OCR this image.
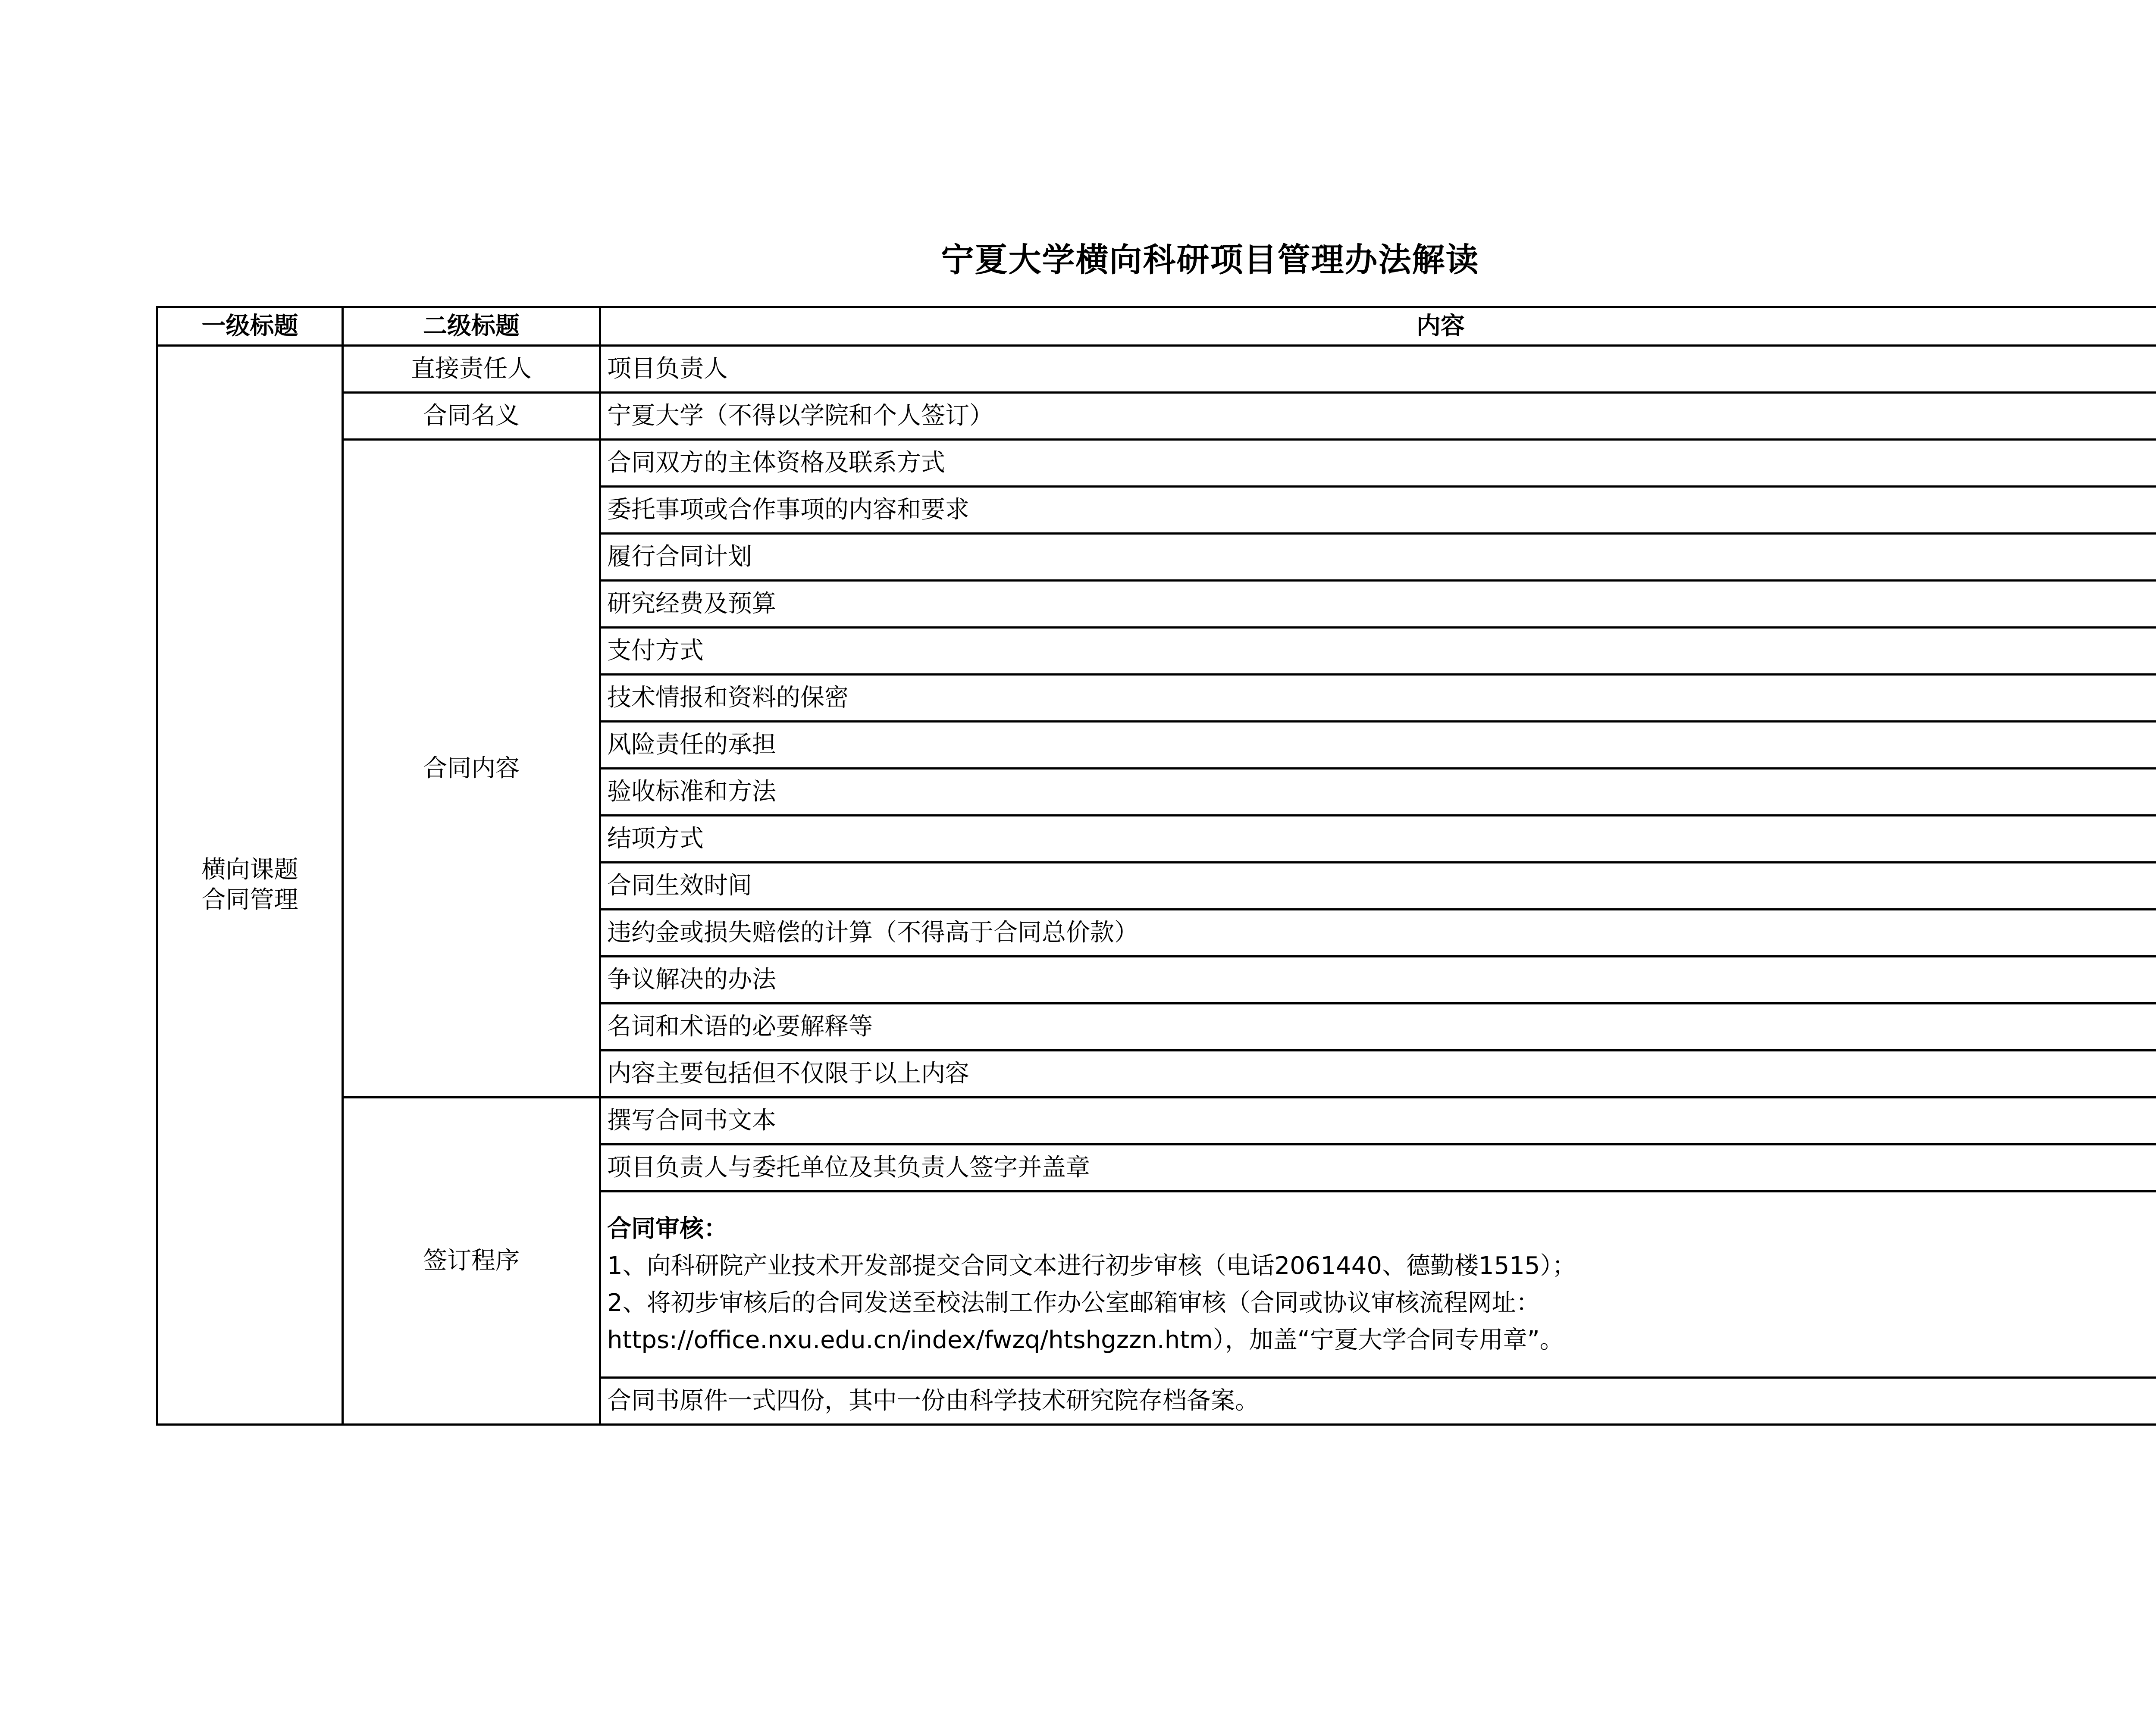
宁夏大学横向科研项目管理办法解读
一级标题	二级标题	内容

横向课题
合同管理	直接责任人	项目负责人
	合同名义	宁夏大学（不得以学院和个人签订）
	合同内容	合同双方的主体资格及联系方式
		委托事项或合作事项的内容和要求
		履行合同计划
		研究经费及预算
		支付方式
		技术情报和资料的保密
		风险责任的承担
		验收标准和方法
		结项方式
		合同生效时间
		违约金或损失赔偿的计算（不得高于合同总价款）
		争议解决的办法
		名词和术语的必要解释等
		内容主要包括但不仅限于以上内容
	签订程序	撰写合同书文本
		项目负责人与委托单位及其负责人签字并盖章

		合同审核：
1、向科研院产业技术开发部提交合同文本进行初步审核（电话2061440、德勤楼1515）；
2、将初步审核后的合同发送至校法制工作办公室邮箱审核（合同或协议审核流程网址：
https://office.nxu.edu.cn/index/fwzq/htshgzzn.htm），加盖“宁夏大学合同专用章”。

		合同书原件一式四份，其中一份由科学技术研究院存档备案。
